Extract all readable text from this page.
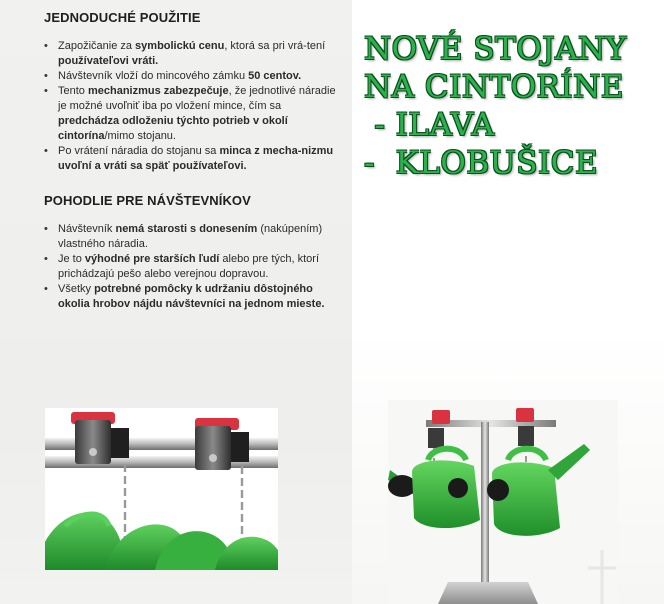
JEDNODUCHÉ POUŽITIE
• Zapožičanie za symbolickú cenu, ktorá sa pri vrá-tení používateľovi vráti.
• Návštevník vloží do mincového zámku 50 centov.
• Tento mechanizmus zabezpečuje, že jednotlivé náradie je možné uvoľniť iba po vložení mince, čím sa predchádza odloženiu týchto potrieb v okolí cintorína/mimo stojanu.
• Po vrátení náradia do stojanu sa minca z mecha-nizmu uvoľní a vráti sa späť používateľovi.
POHODLIE PRE NÁVŠTEVNÍKOV
• Návštevník nemá starosti s donesením (nakúpením) vlastného náradia.
• Je to výhodné pre starších ľudí alebo pre tých, ktorí prichádzajú pešo alebo verejnou dopravou.
• Všetky potrebné pomôcky k udržaniu dôstojného okolia hrobov nájdu návštevníci na jednom mieste.
NOVÉ STOJANY
NA CINTORÍNE
- ILAVA
-  KLOBUŠICE
